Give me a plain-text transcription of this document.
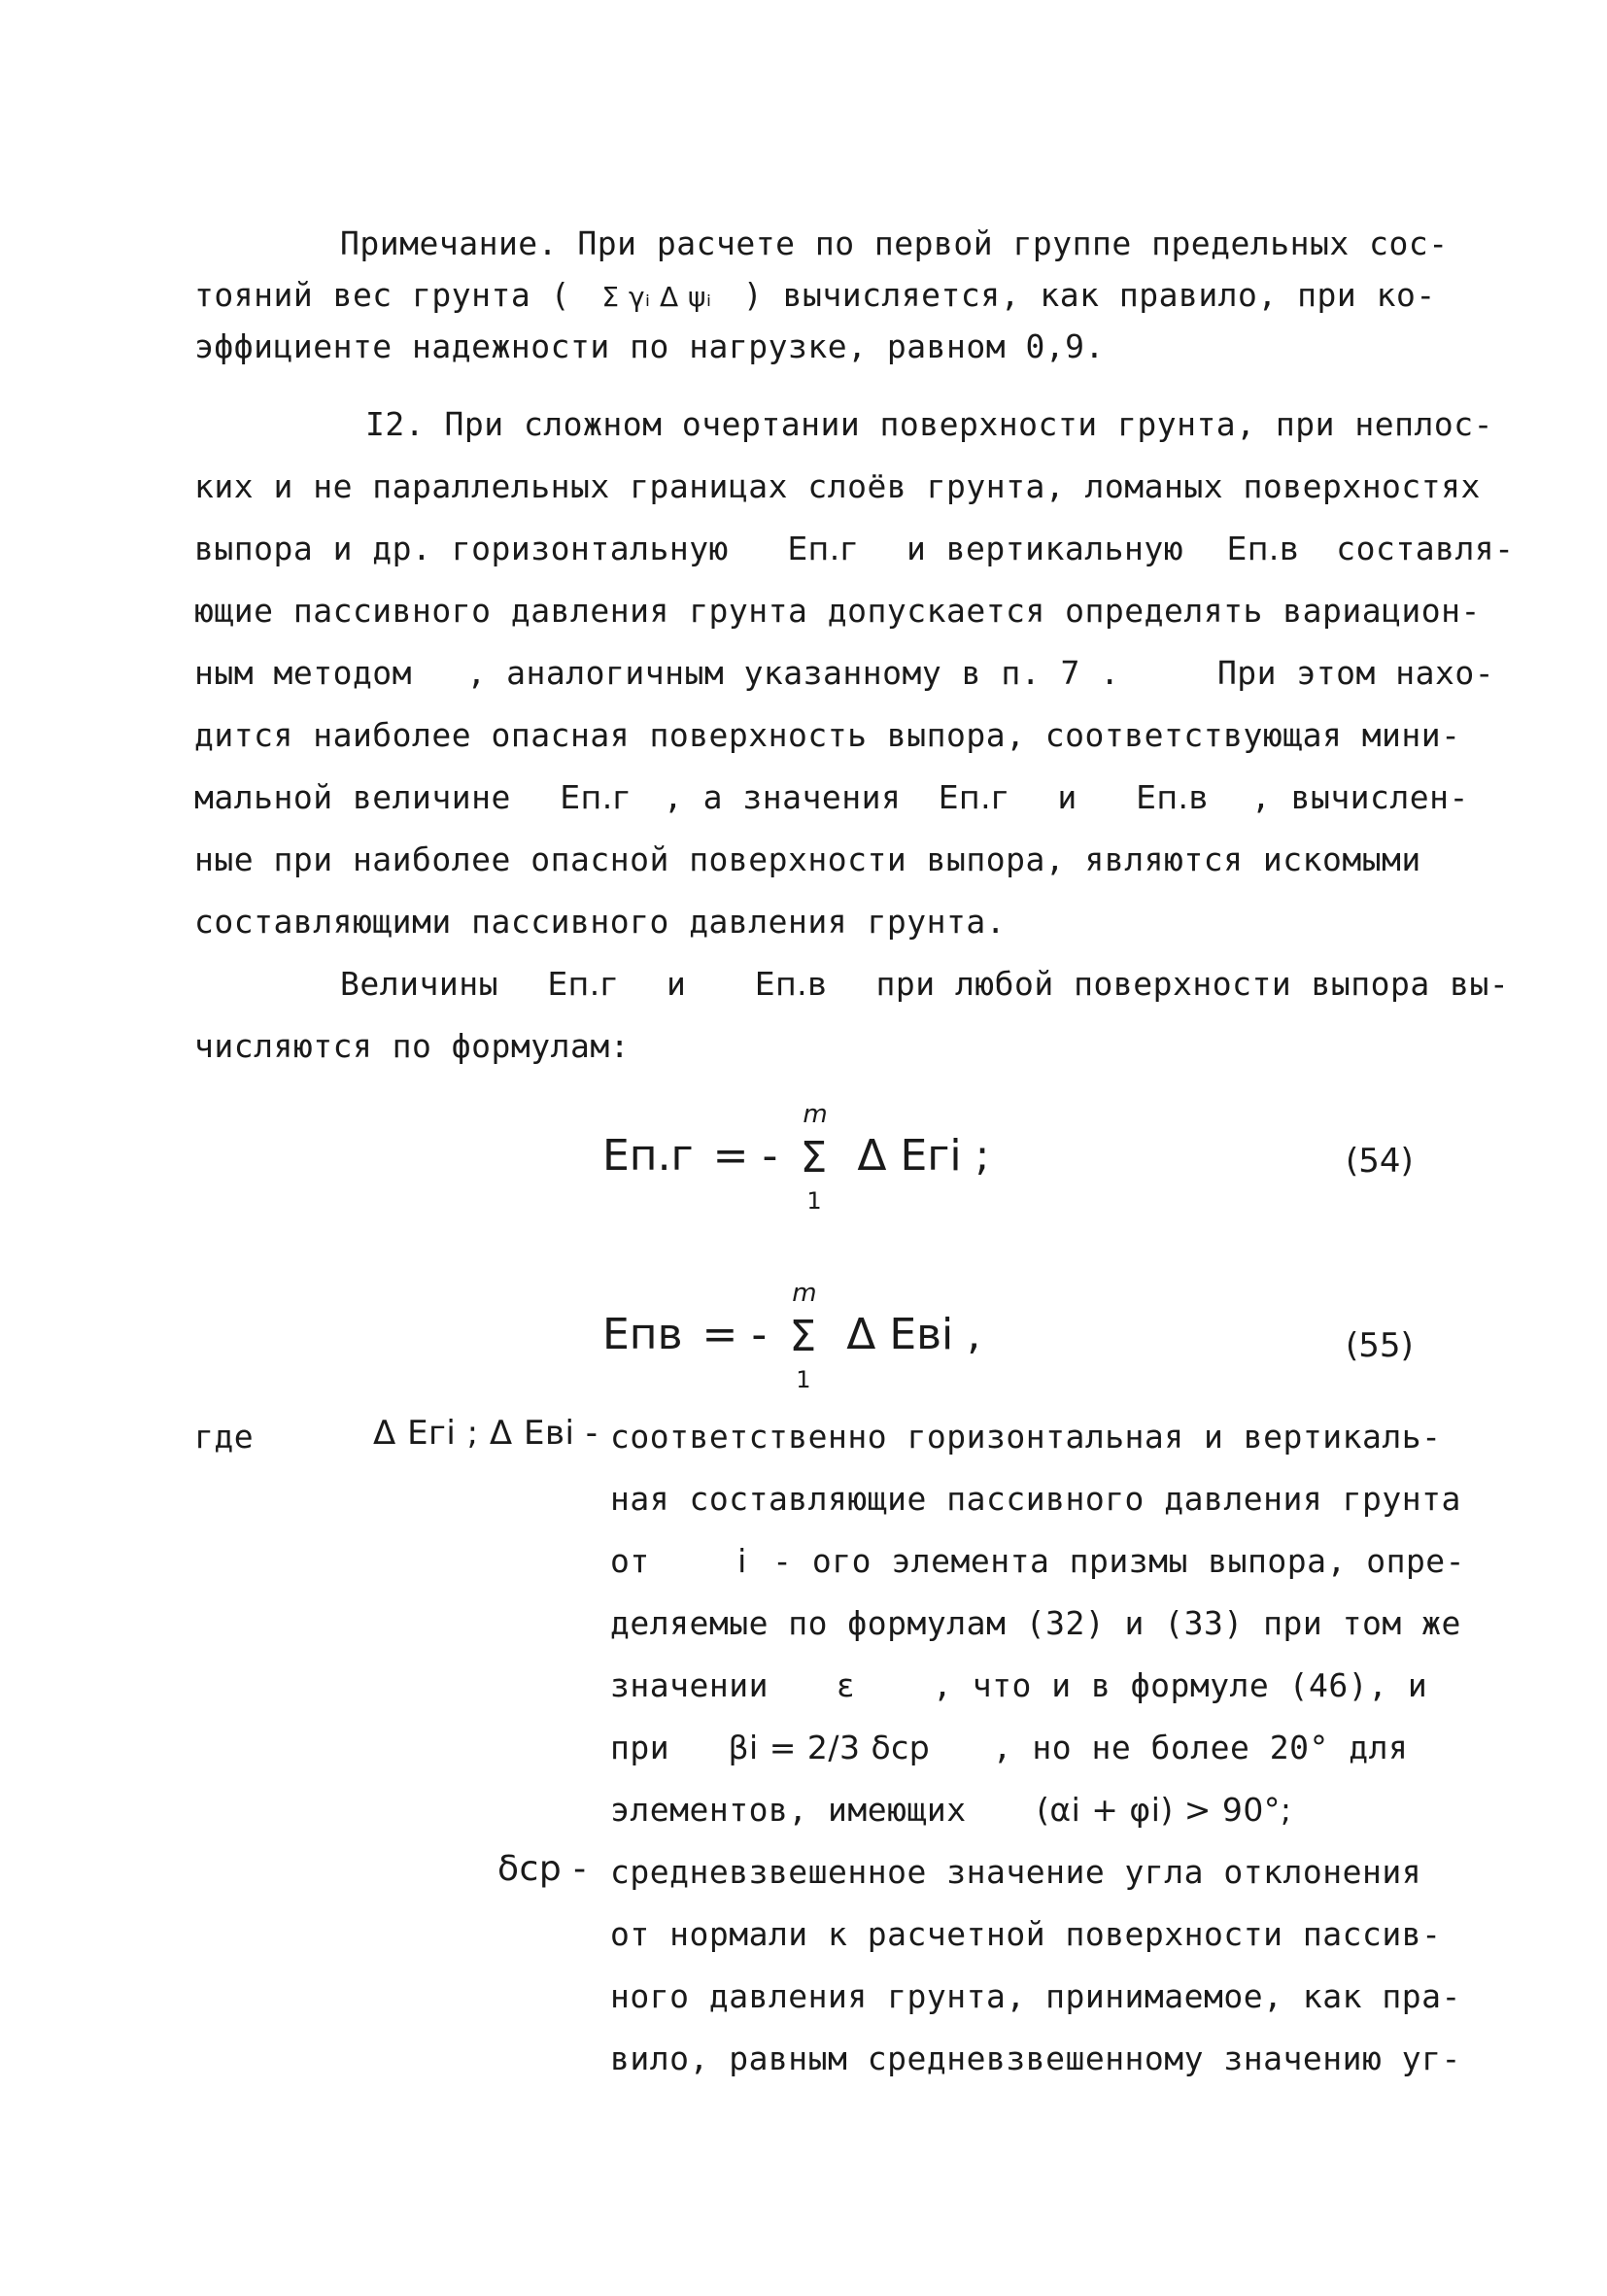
Примечание. При расчете по первой группе предельных сос-
тояний вес грунта ( Σ γᵢ Δ ψᵢ ) вычисляется, как правило, при ко-
эффициенте надежности по нагрузке, равном 0,9.
I2. При сложном очертании поверхности грунта, при неплос-
ких и не параллельных границах слоёв грунта, ломаных поверхностях
выпора и др. горизонтальную Eп.г и вертикальную Eп.в составля-
ющие пассивного давления грунта допускается определять вариацион-
ным методом , аналогичным указанному в п. 7 .	При этом нахо-
дится наиболее опасная поверхность выпора, соответствующая мини-
мальной величине Eп.г , а значения Eп.г и Eп.в , вычислен-
ные при наиболее опасной поверхности выпора, являются искомыми
составляющими пассивного давления грунта.
Величины Eп.г и Eп.в при любой поверхности выпора вы-
числяются по формулам:
Eп.г = - Σ
m
1
Δ Eгi ;	(54)
Eпв = - Σ
m
1
Δ Eвi ,	(55)
где	Δ Eгi ; Δ Eвi - соответственно горизонтальная и вертикаль-
ная составляющие пассивного давления грунта
от	i - ого элемента призмы выпора, опре-
деляемые по формулам (32) и (33) при том же
значении ε , что и в формуле (46), и
при βi = 2/3 δср , но не более 20° для
элементов, имеющих (αi + φi) > 90°;
δср - средневзвешенное значение угла отклонения
от нормали к расчетной поверхности пассив-
ного давления грунта, принимаемое, как пра-
вило, равным средневзвешенному значению уг-
